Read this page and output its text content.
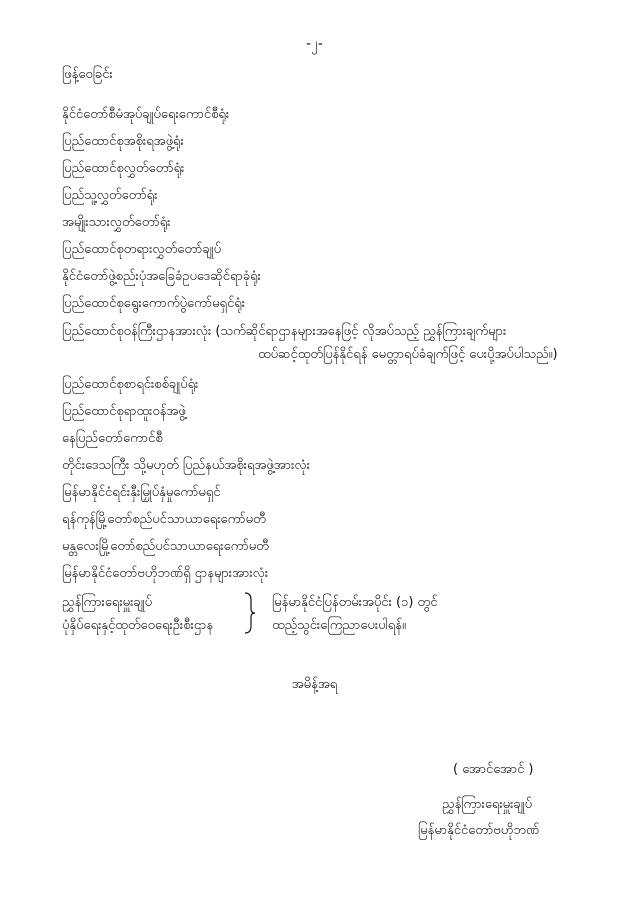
-၂-
ဖြန့်ဝေခြင်း
နိုင်ငံတော်စီမံအုပ်ချုပ်ရေးကောင်စီရုံး
ပြည်ထောင်စုအစိုးရအဖွဲ့ရုံး
ပြည်ထောင်စုလွှတ်တော်ရုံး
ပြည်သူ့လွှတ်တော်ရုံး
အမျိုးသားလွှတ်တော်ရုံး
ပြည်ထောင်စုတရားလွှတ်တော်ချုပ်
နိုင်ငံတော်ဖွဲ့စည်းပုံအခြေခံဥပဒေဆိုင်ရာခုံရုံး
ပြည်ထောင်စုရွေးကောက်ပွဲကော်မရှင်ရုံး
ပြည်ထောင်စုဝန်ကြီးဌာနအားလုံး (သက်ဆိုင်ရာဌာနများအနေဖြင့် လိုအပ်သည့် ညွှန်ကြားချက်များ
ထပ်ဆင့်ထုတ်ပြန်နိုင်ရန် မေတ္တာရပ်ခံချက်ဖြင့် ပေးပို့အပ်ပါသည်။)
ပြည်ထောင်စုစာရင်းစစ်ချုပ်ရုံး
ပြည်ထောင်စုရာထူးဝန်အဖွဲ့
နေပြည်တော်ကောင်စီ
တိုင်းဒေသကြီး သို့မဟုတ် ပြည်နယ်အစိုးရအဖွဲ့အားလုံး
မြန်မာနိုင်ငံရင်းနှီးမြှုပ်နှံမှုကော်မရှင်
ရန်ကုန်မြို့တော်စည်ပင်သာယာရေးကော်မတီ
မန္တလေးမြို့တော်စည်ပင်သာယာရေးကော်မတီ
မြန်မာနိုင်ငံတော်ဗဟိုဘဏ်ရှိ ဌာနများအားလုံး
ညွှန်ကြားရေးမှူးချုပ်
ပုံနှိပ်ရေးနှင့်ထုတ်ဝေရေးဦးစီးဌာန
မြန်မာနိုင်ငံပြန်တမ်းအပိုင်း (၁) တွင်
ထည့်သွင်းကြေညာပေးပါရန်။
အမိန့်အရ
( အောင်အောင် )
ညွှန်ကြားရေးမှူးချုပ်
မြန်မာနိုင်ငံတော်ဗဟိုဘဏ်
